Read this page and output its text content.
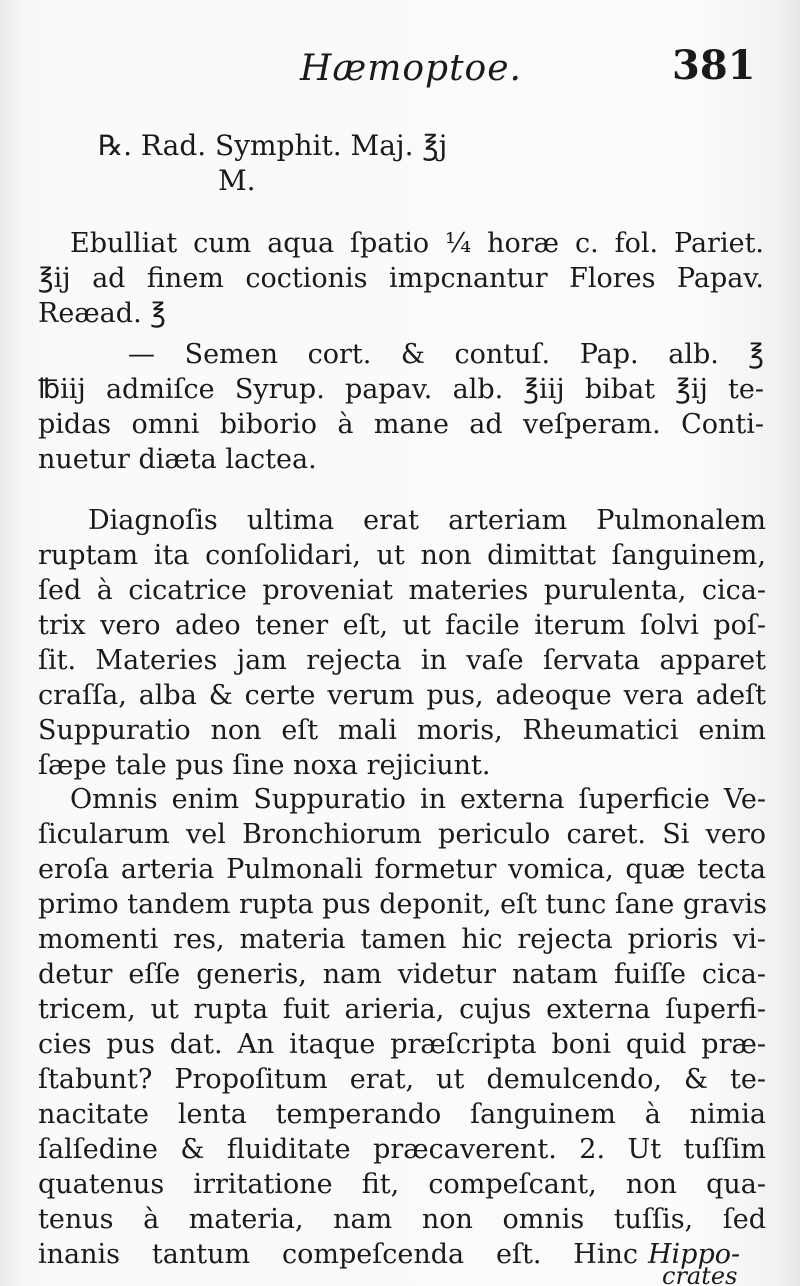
Hæmoptoe.	381
℞. Rad. Symphit. Maj. ℥j
M.
Ebulliat cum aqua ſpatio ¼ horæ c. fol. Pariet.
℥ij ad finem coctionis impcnantur Flores Papav.
Reæad. ℥
— Semen cort. & contuſ. Pap. alb. ℥
℔iij admiſce Syrup. papav. alb. ℥iij bibat ℥ij te-
pidas omni biborio à mane ad veſperam. Conti-
nuetur diæta lactea.
Diagnoſis ultima erat arteriam Pulmonalem
ruptam ita conſolidari, ut non dimittat ſanguinem,
ſed à cicatrice proveniat materies purulenta, cica-
trix vero adeo tener eſt, ut facile iterum ſolvi poſ-
ſit. Materies jam rejecta in vaſe ſervata apparet
craſſa, alba & certe verum pus, adeoque vera adeſt
Suppuratio non eſt mali moris, Rheumatici enim
ſæpe tale pus ſine noxa rejiciunt.
Omnis enim Suppuratio in externa ſuperficie Ve-
ſicularum vel Bronchiorum periculo caret. Si vero
eroſa arteria Pulmonali formetur vomica, quæ tecta
primo tandem rupta pus deponit, eſt tunc ſane gravis
momenti res, materia tamen hic rejecta prioris vi-
detur eſſe generis, nam videtur natam fuiſſe cica-
tricem, ut rupta fuit arieria, cujus externa ſuperfi-
cies pus dat. An itaque præſcripta boni quid præ-
ſtabunt? Propoſitum erat, ut demulcendo, & te-
nacitate lenta temperando ſanguinem à nimia
ſalſedine & fluiditate præcaverent. 2. Ut tuſſim
quatenus irritatione fit, compeſcant, non qua-
tenus à materia, nam non omnis tuſſis, ſed
inanis tantum compeſcenda eſt. Hinc Hippo-
crates
